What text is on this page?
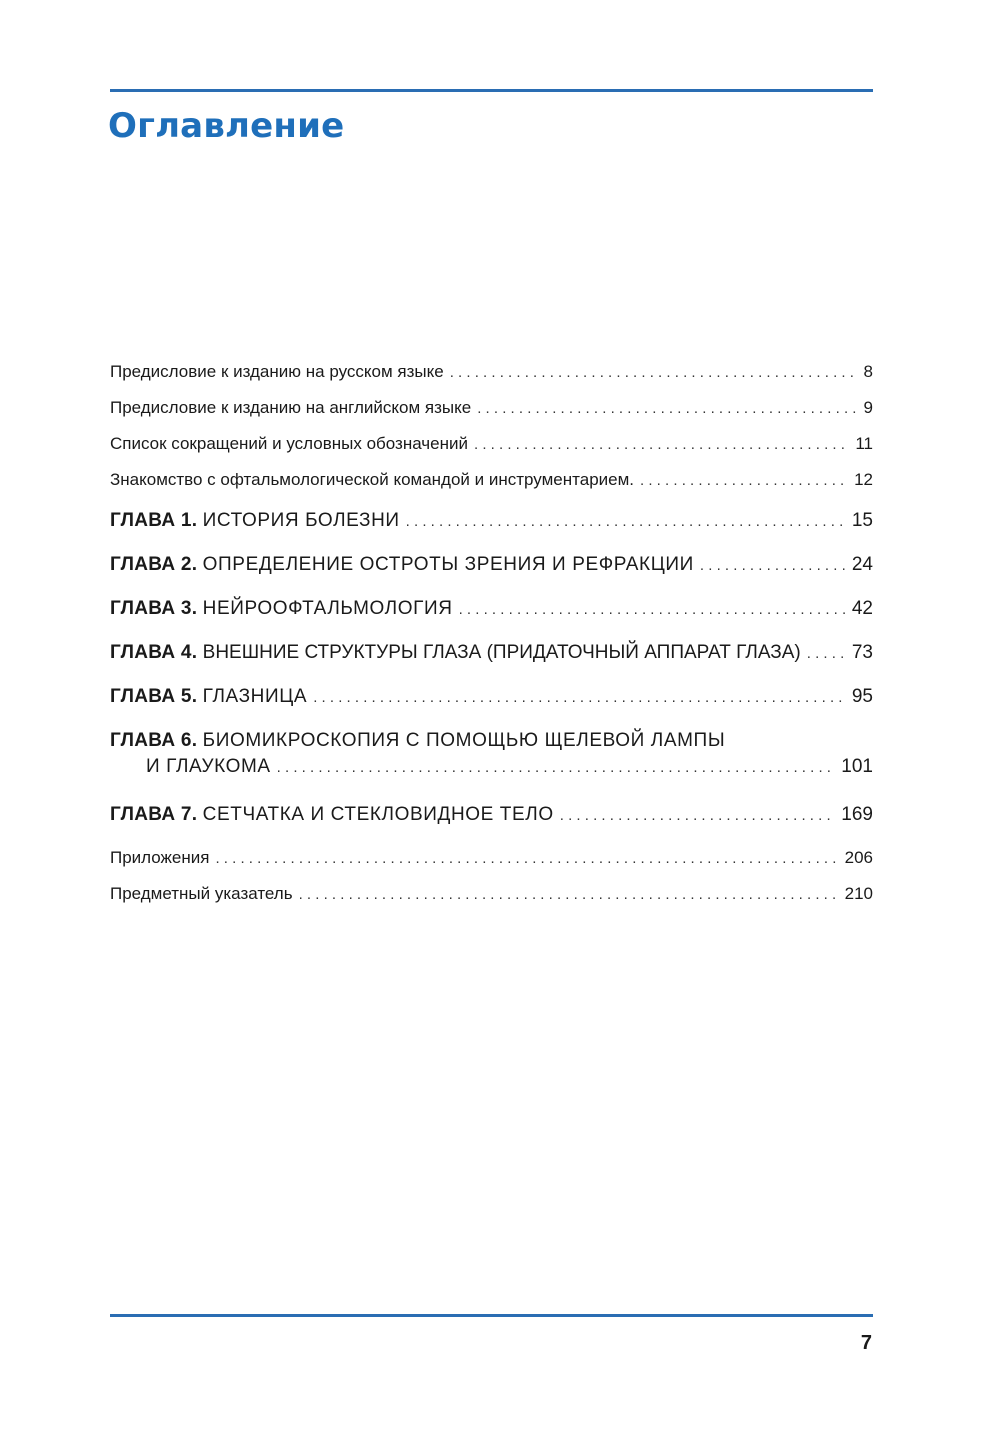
Оглавление
Предисловие к изданию на русском языке . . .	8
Предисловие к изданию на английском языке . . .	9
Список сокращений и условных обозначений . . .	11
Знакомство с офтальмологической командой и инструментарием. . . .	12
ГЛАВА 1. ИСТОРИЯ БОЛЕЗНИ . . .	15
ГЛАВА 2. ОПРЕДЕЛЕНИЕ ОСТРОТЫ ЗРЕНИЯ И РЕФРАКЦИИ . . .	24
ГЛАВА 3. НЕЙРООФТАЛЬМОЛОГИЯ . . .	42
ГЛАВА 4. ВНЕШНИЕ СТРУКТУРЫ ГЛАЗА (ПРИДАТОЧНЫЙ АППАРАТ ГЛАЗА) . . .	73
ГЛАВА 5. ГЛАЗНИЦА . . .	95
ГЛАВА 6. БИОМИКРОСКОПИЯ С ПОМОЩЬЮ ЩЕЛЕВОЙ ЛАМПЫ
И ГЛАУКОМА . . .	101
ГЛАВА 7. СЕТЧАТКА И СТЕКЛОВИДНОЕ ТЕЛО . . .	169
Приложения . . .	206
Предметный указатель . . .	210
7
